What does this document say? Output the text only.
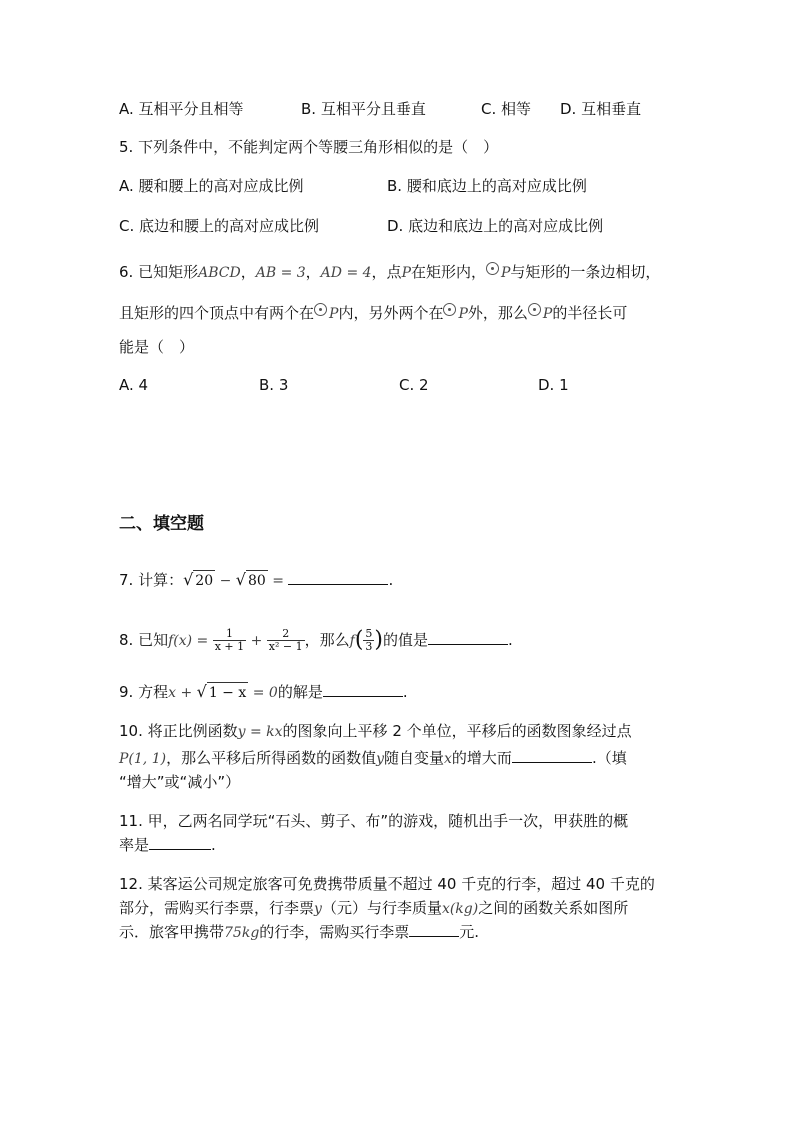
A. 互相平分且相等	B. 互相平分且垂直	C. 相等 D. 互相垂直
5. 下列条件中，不能判定两个等腰三角形相似的是（　）
A. 腰和腰上的高对应成比例	B. 腰和底边上的高对应成比例
C. 底边和腰上的高对应成比例	D. 底边和底边上的高对应成比例
6. 已知矩形ABCD，AB = 3，AD = 4，点P在矩形内， P与矩形的一条边相切，
且矩形的四个顶点中有两个在 P内，另外两个在 P外，那么 P的半径长可
能是（　）
A. 4	B. 3	C. 2	D. 1
二、填空题
7. 计算：√ 20 − √ 80 =	.
8. 已知$f(x) = \frac{1}{x + 1} + \frac{2}{\text{x² − 1}}$ ，那么$f( \frac{5}{3}$ )的值是	.
9. 方程x + √ 1 − x = 0的解是	.
10. 将正比例函数y = kx的图象向上平移 2 个单位，平移后的函数图象经过点
P(1, 1)，那么平移后所得函数的函数值y随自变量x的增大而	.（填
“增大”或“减小”）
11. 甲，乙两名同学玩“石头、剪子、布”的游戏，随机出手一次，甲获胜的概
率是	.
12. 某客运公司规定旅客可免费携带质量不超过 40 千克的行李，超过 40 千克的
部分，需购买行李票，行李票y（元）与行李质量x(kg)之间的函数关系如图所
示．旅客甲携带75kg的行李，需购买行李票	元.
